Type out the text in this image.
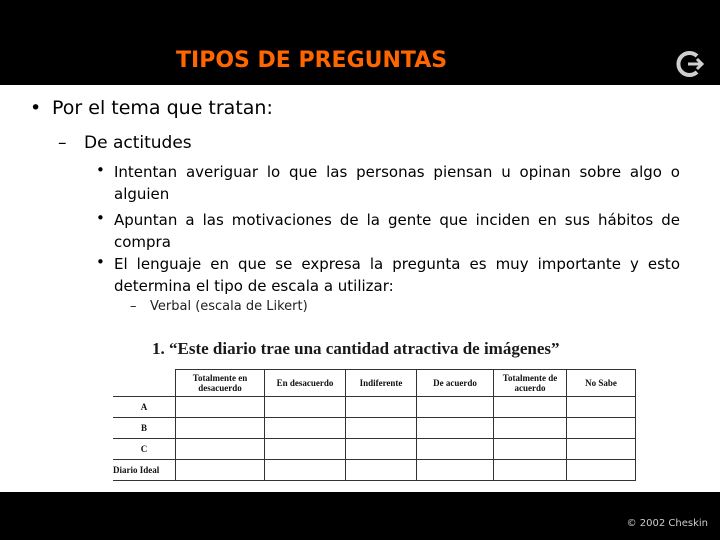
TIPOS DE PREGUNTAS
• Por el tema que tratan:
– De actitudes
• Intentan averiguar lo que las personas piensan u opinan sobre algo o alguien
• Apuntan a las motivaciones de la gente que inciden en sus hábitos de compra
• El lenguaje en que se expresa la pregunta es muy importante y esto determina el tipo de escala a utilizar:
– Verbal (escala de Likert)
1. “Este diario trae una cantidad atractiva de imágenes”
	Totalmente en desacuerdo	En desacuerdo	Indiferente	De acuerdo	Totalmente de acuerdo	No Sabe
A						
B						
C						
Diario Ideal						
© 2002 Cheskin
